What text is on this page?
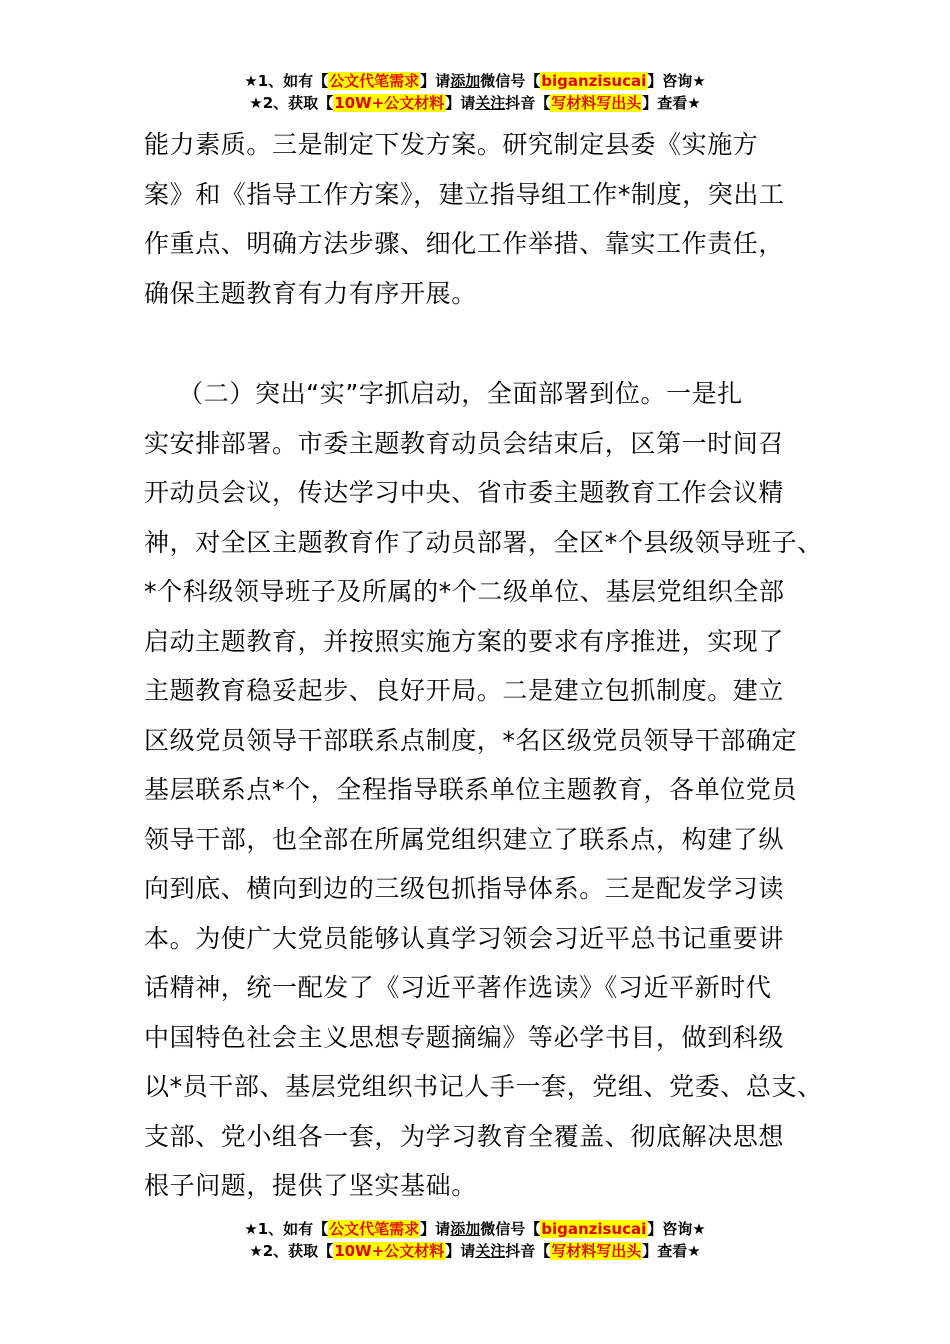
★1、如有【公文代笔需求】请添加微信号【biganzisucai】咨询★
★2、获取【10W+公文材料】请关注抖音【写材料写出头】查看★
能力素质。三是制定下发方案。研究制定县委《实施方
案》和《指导工作方案》，建立指导组工作*制度，突出工
作重点、明确方法步骤、细化工作举措、靠实工作责任，
确保主题教育有力有序开展。
（二）突出“实”字抓启动，全面部署到位。一是扎
实安排部署。市委主题教育动员会结束后，区第一时间召
开动员会议，传达学习中央、省市委主题教育工作会议精
神，对全区主题教育作了动员部署，全区*个县级领导班子、
*个科级领导班子及所属的*个二级单位、基层党组织全部
启动主题教育，并按照实施方案的要求有序推进，实现了
主题教育稳妥起步、良好开局。二是建立包抓制度。建立
区级党员领导干部联系点制度，*名区级党员领导干部确定
基层联系点*个，全程指导联系单位主题教育，各单位党员
领导干部，也全部在所属党组织建立了联系点，构建了纵
向到底、横向到边的三级包抓指导体系。三是配发学习读
本。为使广大党员能够认真学习领会习近平总书记重要讲
话精神，统一配发了《习近平著作选读》《习近平新时代
中国特色社会主义思想专题摘编》等必学书目，做到科级
以*员干部、基层党组织书记人手一套，党组、党委、总支、
支部、党小组各一套，为学习教育全覆盖、彻底解决思想
根子问题，提供了坚实基础。
★1、如有【公文代笔需求】请添加微信号【biganzisucai】咨询★
★2、获取【10W+公文材料】请关注抖音【写材料写出头】查看★
